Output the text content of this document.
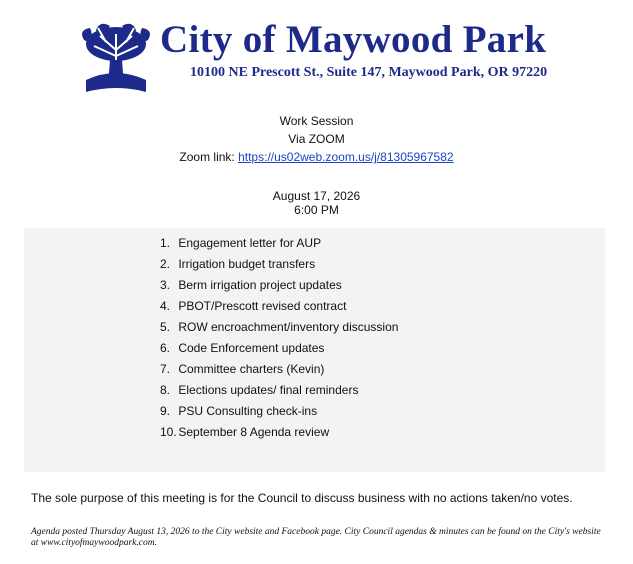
City of Maywood Park
10100 NE Prescott St., Suite 147, Maywood Park, OR 97220
Work Session
Via ZOOM
Zoom link: https://us02web.zoom.us/j/81305967582
August 17, 2026
6:00 PM
1. Engagement letter for AUP
2. Irrigation budget transfers
3. Berm irrigation project updates
4. PBOT/Prescott revised contract
5. ROW encroachment/inventory discussion
6. Code Enforcement updates
7. Committee charters (Kevin)
8. Elections updates/ final reminders
9. PSU Consulting check-ins
10. September 8 Agenda review
The sole purpose of this meeting is for the Council to discuss business with no actions taken/no votes.
Agenda posted Thursday August 13, 2026 to the City website and Facebook page. City Council agendas & minutes can be found on the City's website at www.cityofmaywoodpark.com.
